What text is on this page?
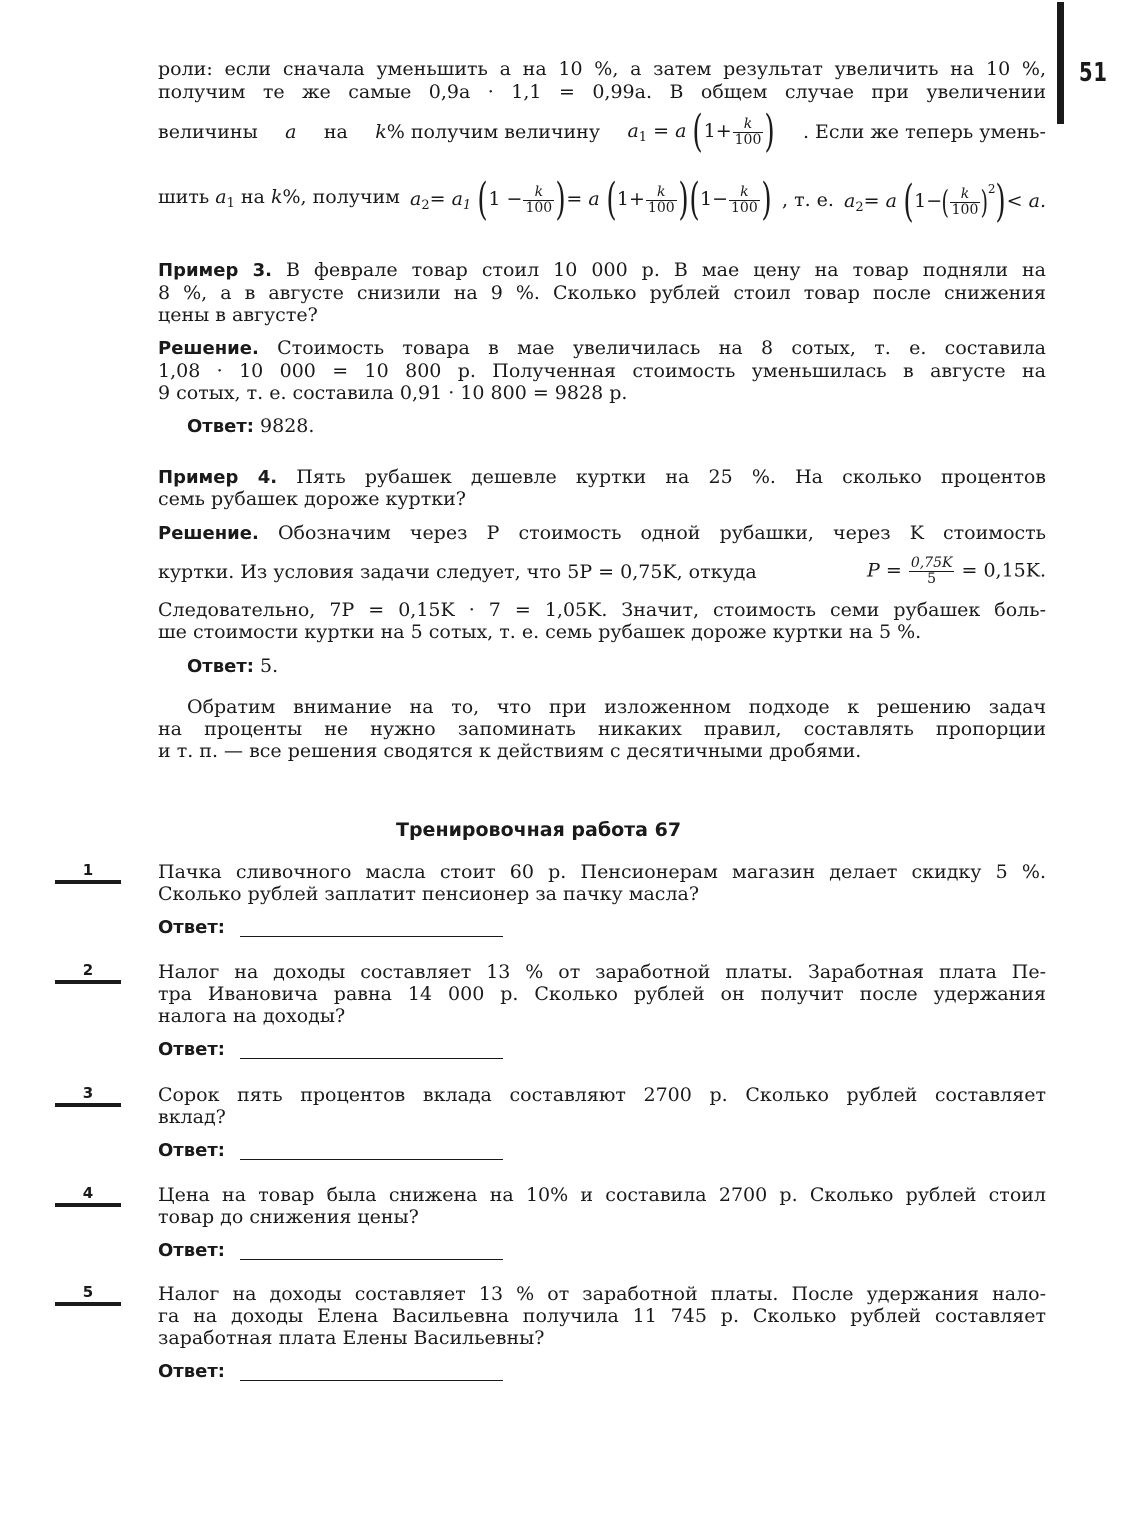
51
роли: если сначала уменьшить a на 10 %, а затем результат увеличить на 10 %,
получим те же самые 0,9a · 1,1 = 0,99a. В общем случае при увеличении
величины a на k% получим величину $a_1 = a$ ($1+ \frac{k}{100}$ ) . Если же теперь умень-
шить $a_1$ на k%, получим $a_2= a_1$ ($1 - \frac{k}{100}$ )= a $(1+ \frac{k}{100} )(1- \frac{k}{100}$ ) , т. е. $a_2= a$ $(1-( \frac{k}{100} )^2)< a$.
Пример 3. В феврале товар стоил 10 000 р. В мае цену на товар подняли на
8 %, а в августе снизили на 9 %. Сколько рублей стоил товар после снижения
цены в августе?
Решение. Стоимость товара в мае увеличилась на 8 сотых, т. е. составила
1,08 · 10 000 = 10 800 р. Полученная стоимость уменьшилась в августе на
9 сотых, т. е. составила 0,91 · 10 800 = 9828 р.
Ответ: 9828.
Пример 4. Пять рубашек дешевле куртки на 25 %. На сколько процентов
семь рубашек дороже куртки?
Решение. Обозначим через P стоимость одной рубашки, через K стоимость
куртки. Из условия задачи следует, что 5P = 0,75K, откуда	$P = \frac{0,75K}{5} = 0,15K$.
Следовательно, 7P = 0,15K · 7 = 1,05K. Значит, стоимость семи рубашек боль-
ше стоимости куртки на 5 сотых, т. е. семь рубашек дороже куртки на 5 %.
Ответ: 5.
Обратим внимание на то, что при изложенном подходе к решению задач
на проценты не нужно запоминать никаких правил, составлять пропорции
и т. п. — все решения сводятся к действиям с десятичными дробями.
Тренировочная работа 67
1	Пачка сливочного масла стоит 60 р. Пенсионерам магазин делает скидку 5 %.
Сколько рублей заплатит пенсионер за пачку масла?
Ответ:
2	Налог на доходы составляет 13 % от заработной платы. Заработная плата Пе-
тра Ивановича равна 14 000 р. Сколько рублей он получит после удержания
налога на доходы?
Ответ:
3	Сорок пять процентов вклада составляют 2700 р. Сколько рублей составляет
вклад?
Ответ:
4	Цена на товар была снижена на 10% и составила 2700 р. Сколько рублей стоил
товар до снижения цены?
Ответ:
5	Налог на доходы составляет 13 % от заработной платы. После удержания нало-
га на доходы Елена Васильевна получила 11 745 р. Сколько рублей составляет
заработная плата Елены Васильевны?
Ответ:
